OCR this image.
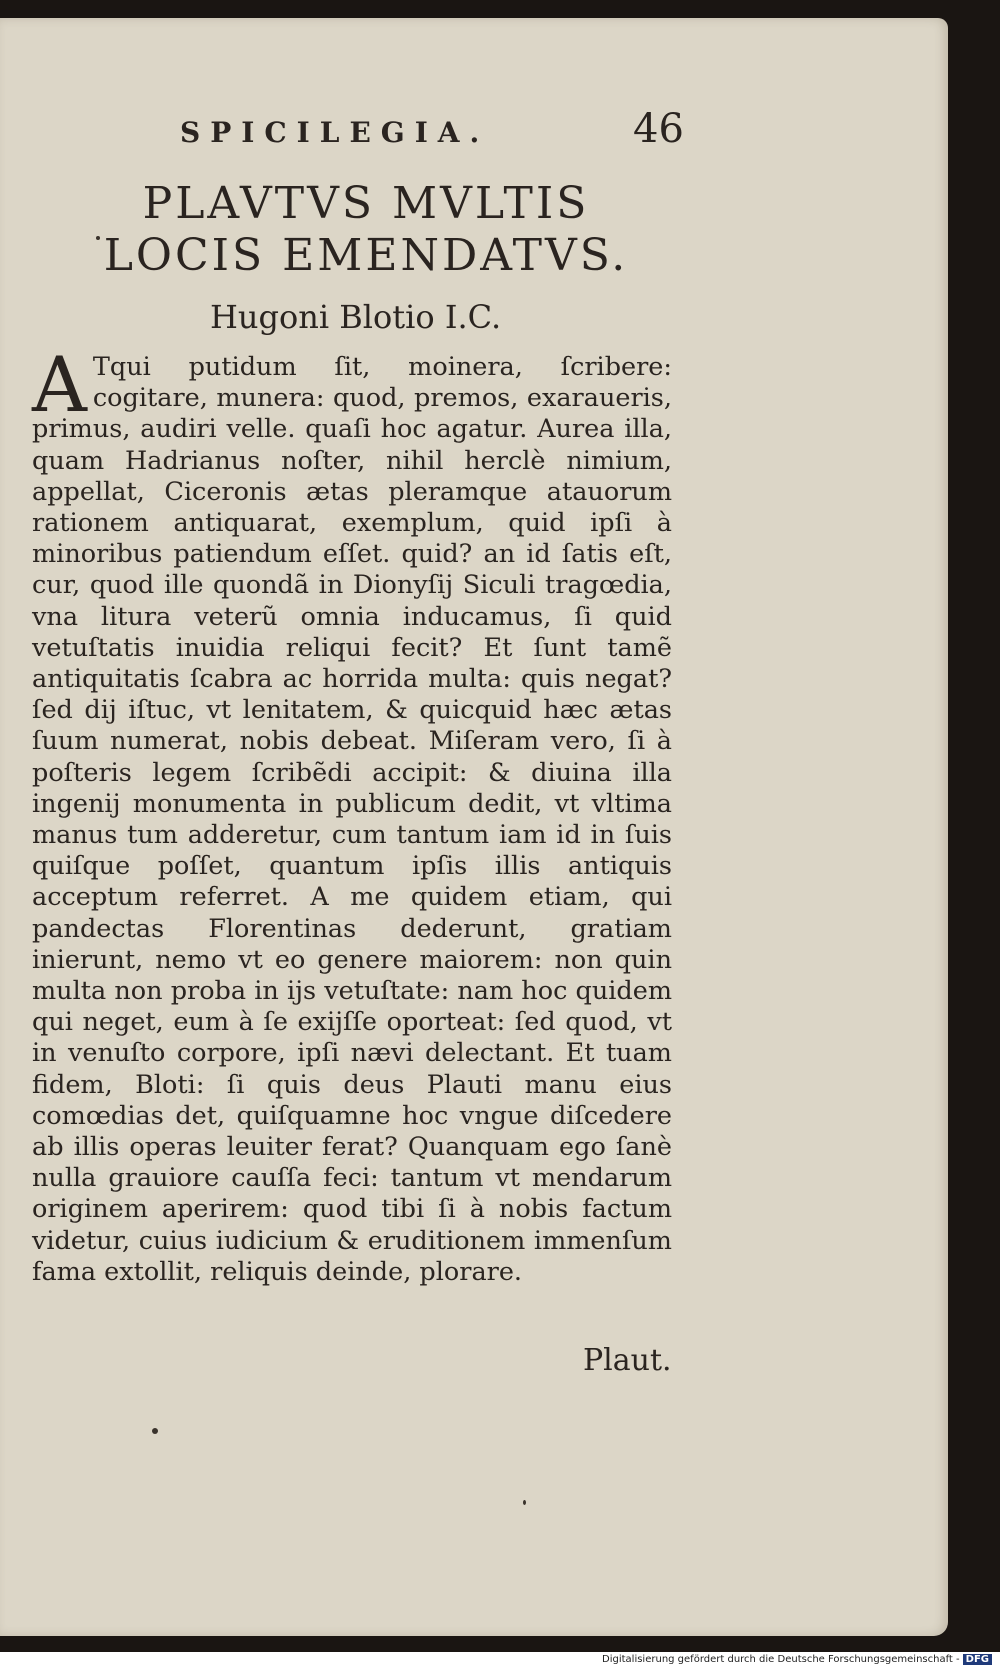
SPICILEGIA.	46
PLAVTVS MVLTIS LOCIS EMENDATVS.
Hugoni Blotio I.C.
A Tqui putidum ſit, moinera, ſcribere: cogitare, munera: quod, premos, exaraueris, primus, audiri velle. quaſi hoc agatur. Aurea illa, quam Hadrianus noſter, nihil herclè nimium, appellat, Ciceronis ætas pleramque atauorum rationem antiquarat, exemplum, quid ipſi à minoribus patiendum eſſet. quid? an id ſatis eſt, cur, quod ille quondã in Dionyſij Siculi tragœdia, vna litura veterũ omnia inducamus, ſi quid vetuſtatis inuidia reliqui fecit? Et ſunt tamẽ antiquitatis ſcabra ac horrida multa: quis negat? ſed dij iſtuc, vt lenitatem, & quicquid hæc ætas ſuum numerat, nobis debeat. Miſeram vero, ſi à poſteris legem ſcribẽdi accipit: & diuina illa ingenij monumenta in publicum dedit, vt vltima manus tum adderetur, cum tantum iam id in ſuis quiſque poſſet, quantum ipſis illis antiquis acceptum referret. A me quidem etiam, qui pandectas Florentinas dederunt, gratiam inierunt, nemo vt eo genere maiorem: non quin multa non proba in ijs vetuſtate: nam hoc quidem qui neget, eum à ſe exijſſe oporteat: ſed quod, vt in venuſto corpore, ipſi nævi delectant. Et tuam fidem, Bloti: ſi quis deus Plauti manu eius comœdias det, quiſquamne hoc vngue diſcedere ab illis operas leuiter ferat? Quanquam ego ſanè nulla grauiore cauſſa feci: tantum vt mendarum originem aperirem: quod tibi ſi à nobis factum videtur, cuius iudicium & eruditionem immenſum fama extollit, reliquis deinde, plorare.
Plaut.
Digitalisierung gefördert durch die Deutsche Forschungsgemeinschaft - DFG
